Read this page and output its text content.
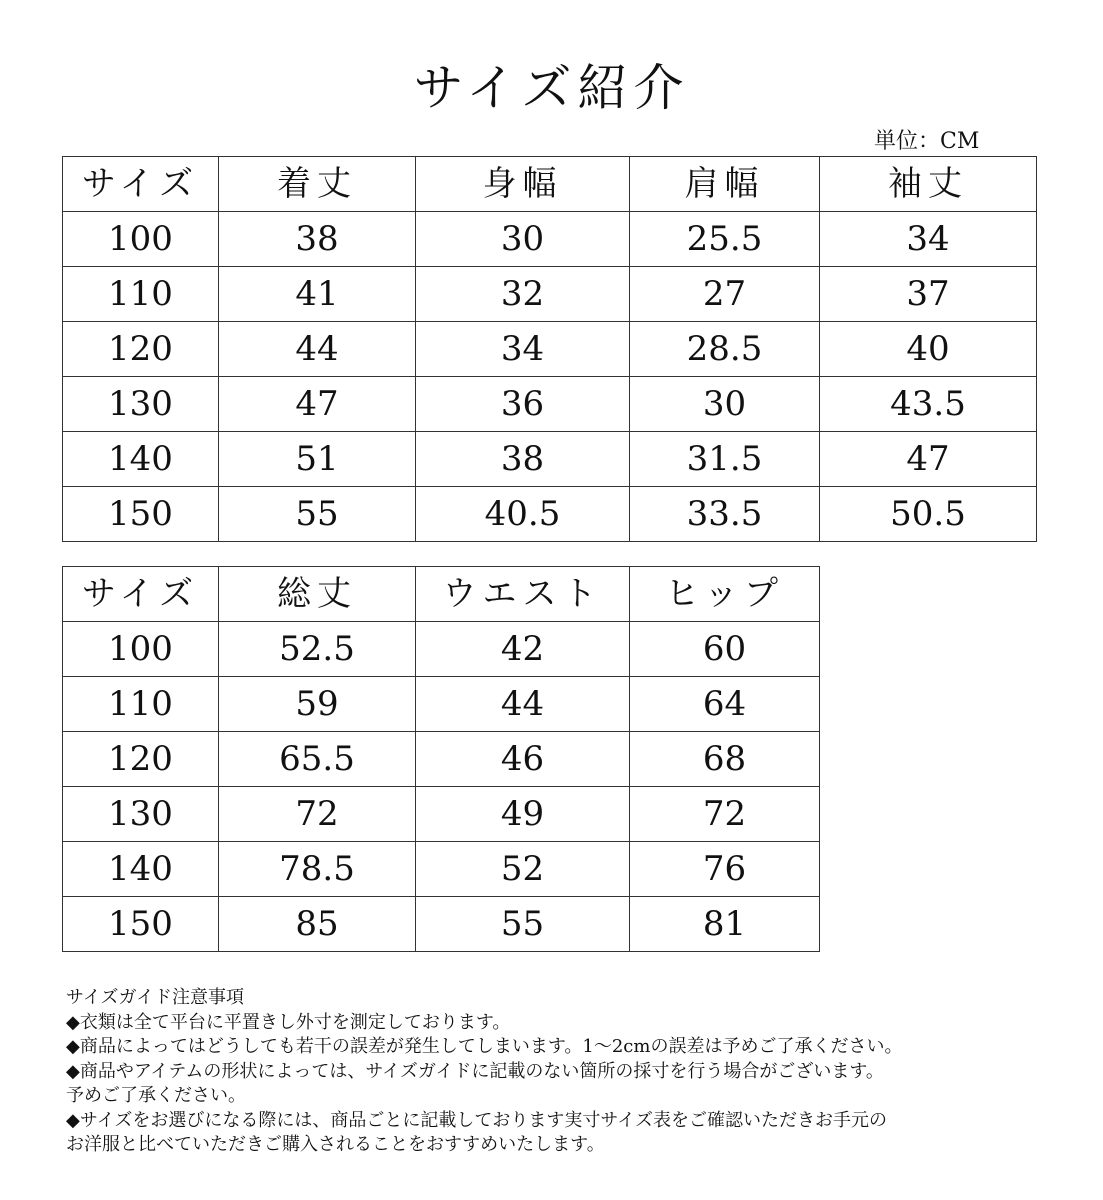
サイズ紹介
単位：CM
サイズ	着丈	身幅	肩幅	袖丈
100	38	30	25.5	34
110	41	32	27	37
120	44	34	28.5	40
130	47	36	30	43.5
140	51	38	31.5	47
150	55	40.5	33.5	50.5
サイズ	総丈	ウエスト	ヒップ
100	52.5	42	60
110	59	44	64
120	65.5	46	68
130	72	49	72
140	78.5	52	76
150	85	55	81
サイズガイド注意事項
◆衣類は全て平台に平置きし外寸を測定しております。
◆商品によってはどうしても若干の誤差が発生してしまいます。1～2cmの誤差は予めご了承ください。
◆商品やアイテムの形状によっては、サイズガイドに記載のない箇所の採寸を行う場合がございます。
予めご了承ください。
◆サイズをお選びになる際には、商品ごとに記載しております実寸サイズ表をご確認いただきお手元の
お洋服と比べていただきご購入されることをおすすめいたします。
